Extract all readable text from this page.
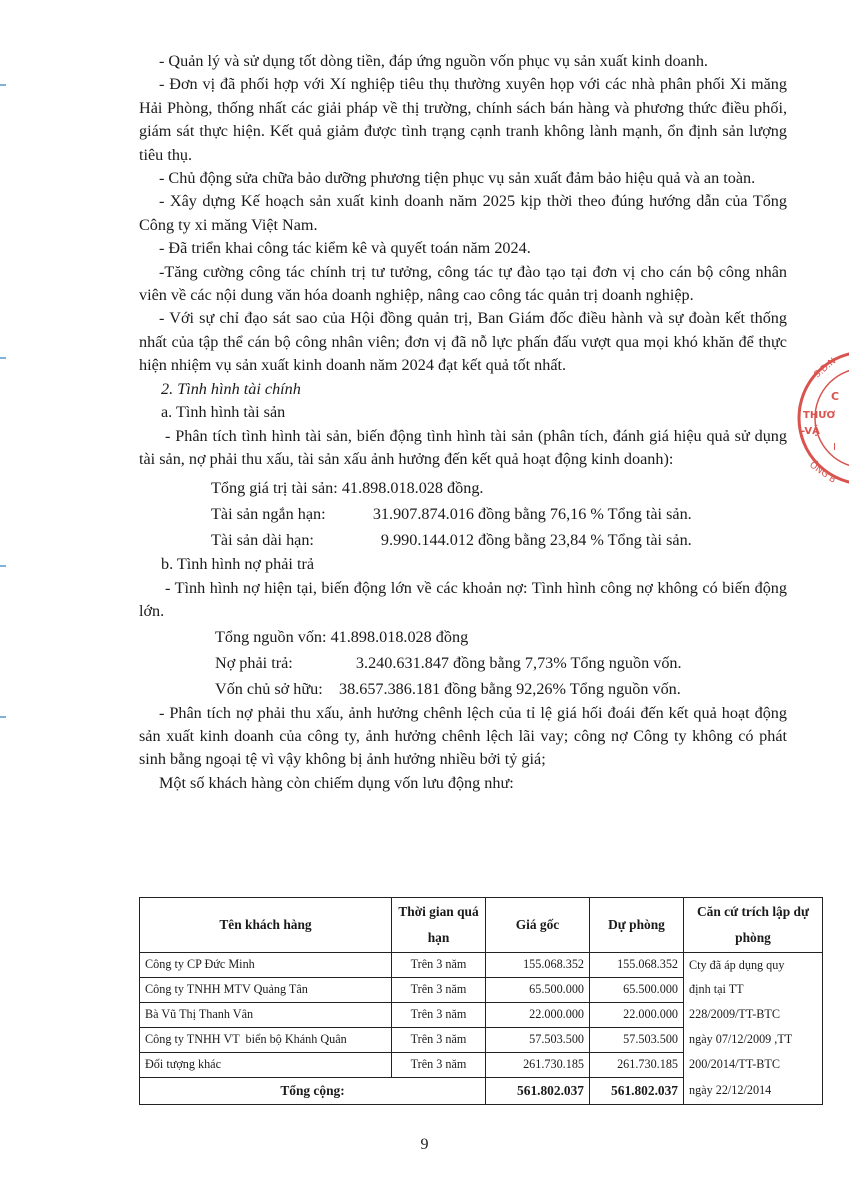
- Quản lý và sử dụng tốt dòng tiền, đáp ứng nguồn vốn phục vụ sản xuất kinh doanh.

- Đơn vị đã phối hợp với Xí nghiệp tiêu thụ thường xuyên họp với các nhà phân phối Xi măng Hải Phòng, thống nhất các giải pháp về thị trường, chính sách bán hàng và phương thức điều phối, giám sát thực hiện. Kết quả giảm được tình trạng cạnh tranh không lành mạnh, ổn định sản lượng tiêu thụ.

- Chủ động sửa chữa bảo dưỡng phương tiện phục vụ sản xuất đảm bảo hiệu quả và an toàn.

- Xây dựng Kế hoạch sản xuất kinh doanh năm 2025 kịp thời theo đúng hướng dẫn của Tổng Công ty xi măng Việt Nam.

- Đã triển khai công tác kiểm kê và quyết toán năm 2024.

-Tăng cường công tác chính trị tư tưởng, công tác tự đào tạo tại đơn vị cho cán bộ công nhân viên về các nội dung văn hóa doanh nghiệp, nâng cao công tác quản trị doanh nghiệp.

- Với sự chỉ đạo sát sao của Hội đồng quản trị, Ban Giám đốc điều hành và sự đoàn kết thống nhất của tập thể cán bộ công nhân viên; đơn vị đã nỗ lực phấn đấu vượt qua mọi khó khăn để thực hiện nhiệm vụ sản xuất kinh doanh năm 2024 đạt kết quả tốt nhất.

2. Tình hình tài chính

a. Tình hình tài sản

- Phân tích tình hình tài sản, biến động tình hình tài sản (phân tích, đánh giá hiệu quả sử dụng tài sản, nợ phải thu xấu, tài sản xấu ảnh hưởng đến kết quả hoạt động kinh doanh):

Tổng giá trị tài sản:
41.898.018.028 đồng.
Tài sản ngắn hạn:	31.907.874.016 đồng bằng 76,16 % Tổng tài sản.
Tài sản dài hạn:	9.990.144.012 đồng bằng 23,84 % Tổng tài sản.

b. Tình hình nợ phải trả

- Tình hình nợ hiện tại, biến động lớn về các khoản nợ: Tình hình công nợ không có biến động lớn.

Tổng nguồn vốn:
41.898.018.028 đồng
Nợ phải trả:	3.240.631.847 đồng bằng 7,73% Tổng nguồn vốn.
Vốn chủ sở hữu:	38.657.386.181 đồng bằng 92,26% Tổng nguồn vốn.

- Phân tích nợ phải thu xấu, ảnh hưởng chênh lệch của tỉ lệ giá hối đoái đến kết quả hoạt động sản xuất kinh doanh của công ty, ảnh hưởng chênh lệch lãi vay; công nợ Công ty không có phát sinh bằng ngoại tệ vì vậy không bị ảnh hưởng nhiều bởi tỷ giá;

Một số khách hàng còn chiếm dụng vốn lưu động như:

Tên khách hàng	Thời gian quá hạn	Giá gốc	Dự phòng	Căn cứ trích lập dự phòng
Công ty CP Đức Minh	Trên 3 năm	155.068.352	155.068.352	Cty đã áp dụng quy
Công ty TNHH MTV Quảng Tân	Trên 3 năm	65.500.000	65.500.000	định tại TT
Bà Vũ Thị Thanh Vân	Trên 3 năm	22.000.000	22.000.000	228/2009/TT-BTC
Công ty TNHH VT  biển bộ Khánh Quân	Trên 3 năm	57.503.500	57.503.500	ngày 07/12/2009 ,TT
Đối tượng khác	Trên 3 năm	261.730.185	261.730.185	200/2014/TT-BTC
Tổng cộng:		561.802.037	561.802.037	ngày 22/12/2014
9
S.Đ.N
C
THƯƠ
-VẬ
I
ỒNG B
